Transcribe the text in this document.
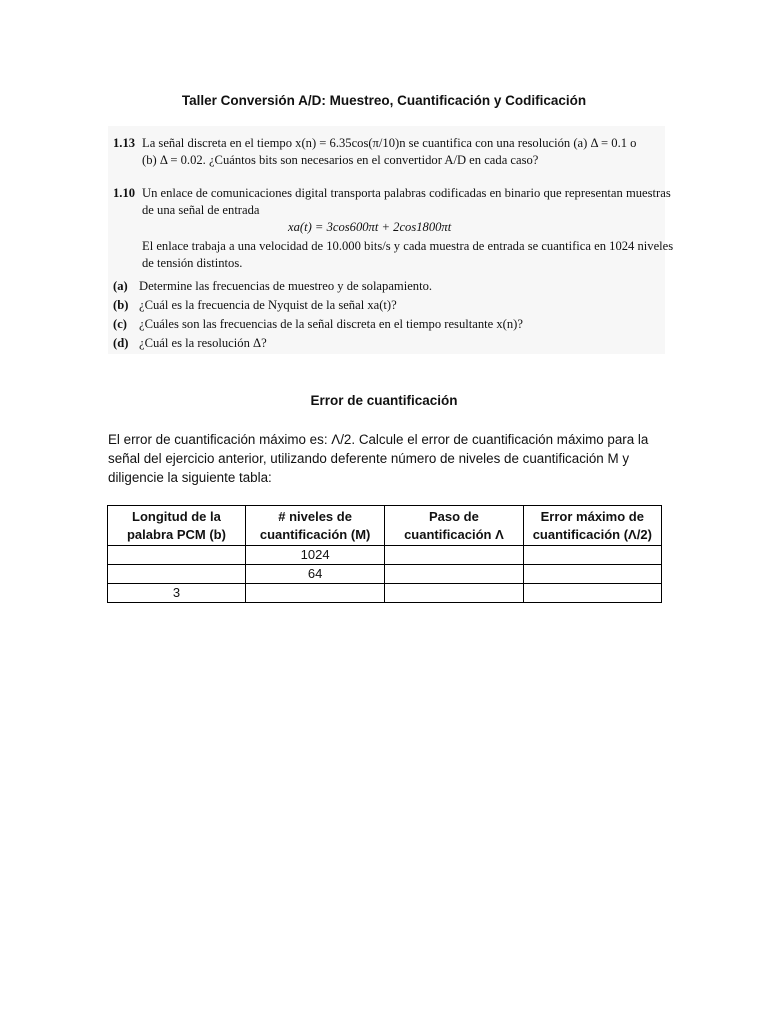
Taller Conversión A/D: Muestreo, Cuantificación y Codificación
1.13 La señal discreta en el tiempo x(n) = 6.35cos(π/10)n se cuantifica con una resolución (a) Δ = 0.1 o
(b) Δ = 0.02. ¿Cuántos bits son necesarios en el convertidor A/D en cada caso?
1.10 Un enlace de comunicaciones digital transporta palabras codificadas en binario que representan muestras
de una señal de entrada
xa(t) = 3cos600πt + 2cos1800πt
El enlace trabaja a una velocidad de 10.000 bits/s y cada muestra de entrada se cuantifica en 1024 niveles
de tensión distintos.
(a) Determine las frecuencias de muestreo y de solapamiento.
(b) ¿Cuál es la frecuencia de Nyquist de la señal xa(t)?
(c) ¿Cuáles son las frecuencias de la señal discreta en el tiempo resultante x(n)?
(d) ¿Cuál es la resolución Δ?
Error de cuantificación
El error de cuantificación máximo es: Λ/2. Calcule el error de cuantificación máximo para la
señal del ejercicio anterior, utilizando deferente número de niveles de cuantificación M y
diligencie la siguiente tabla:
Longitud de la
palabra PCM (b)	# niveles de
cuantificación (M)	Paso de
cuantificación Λ	Error máximo de
cuantificación (Λ/2)
	1024		
	64		
3			
